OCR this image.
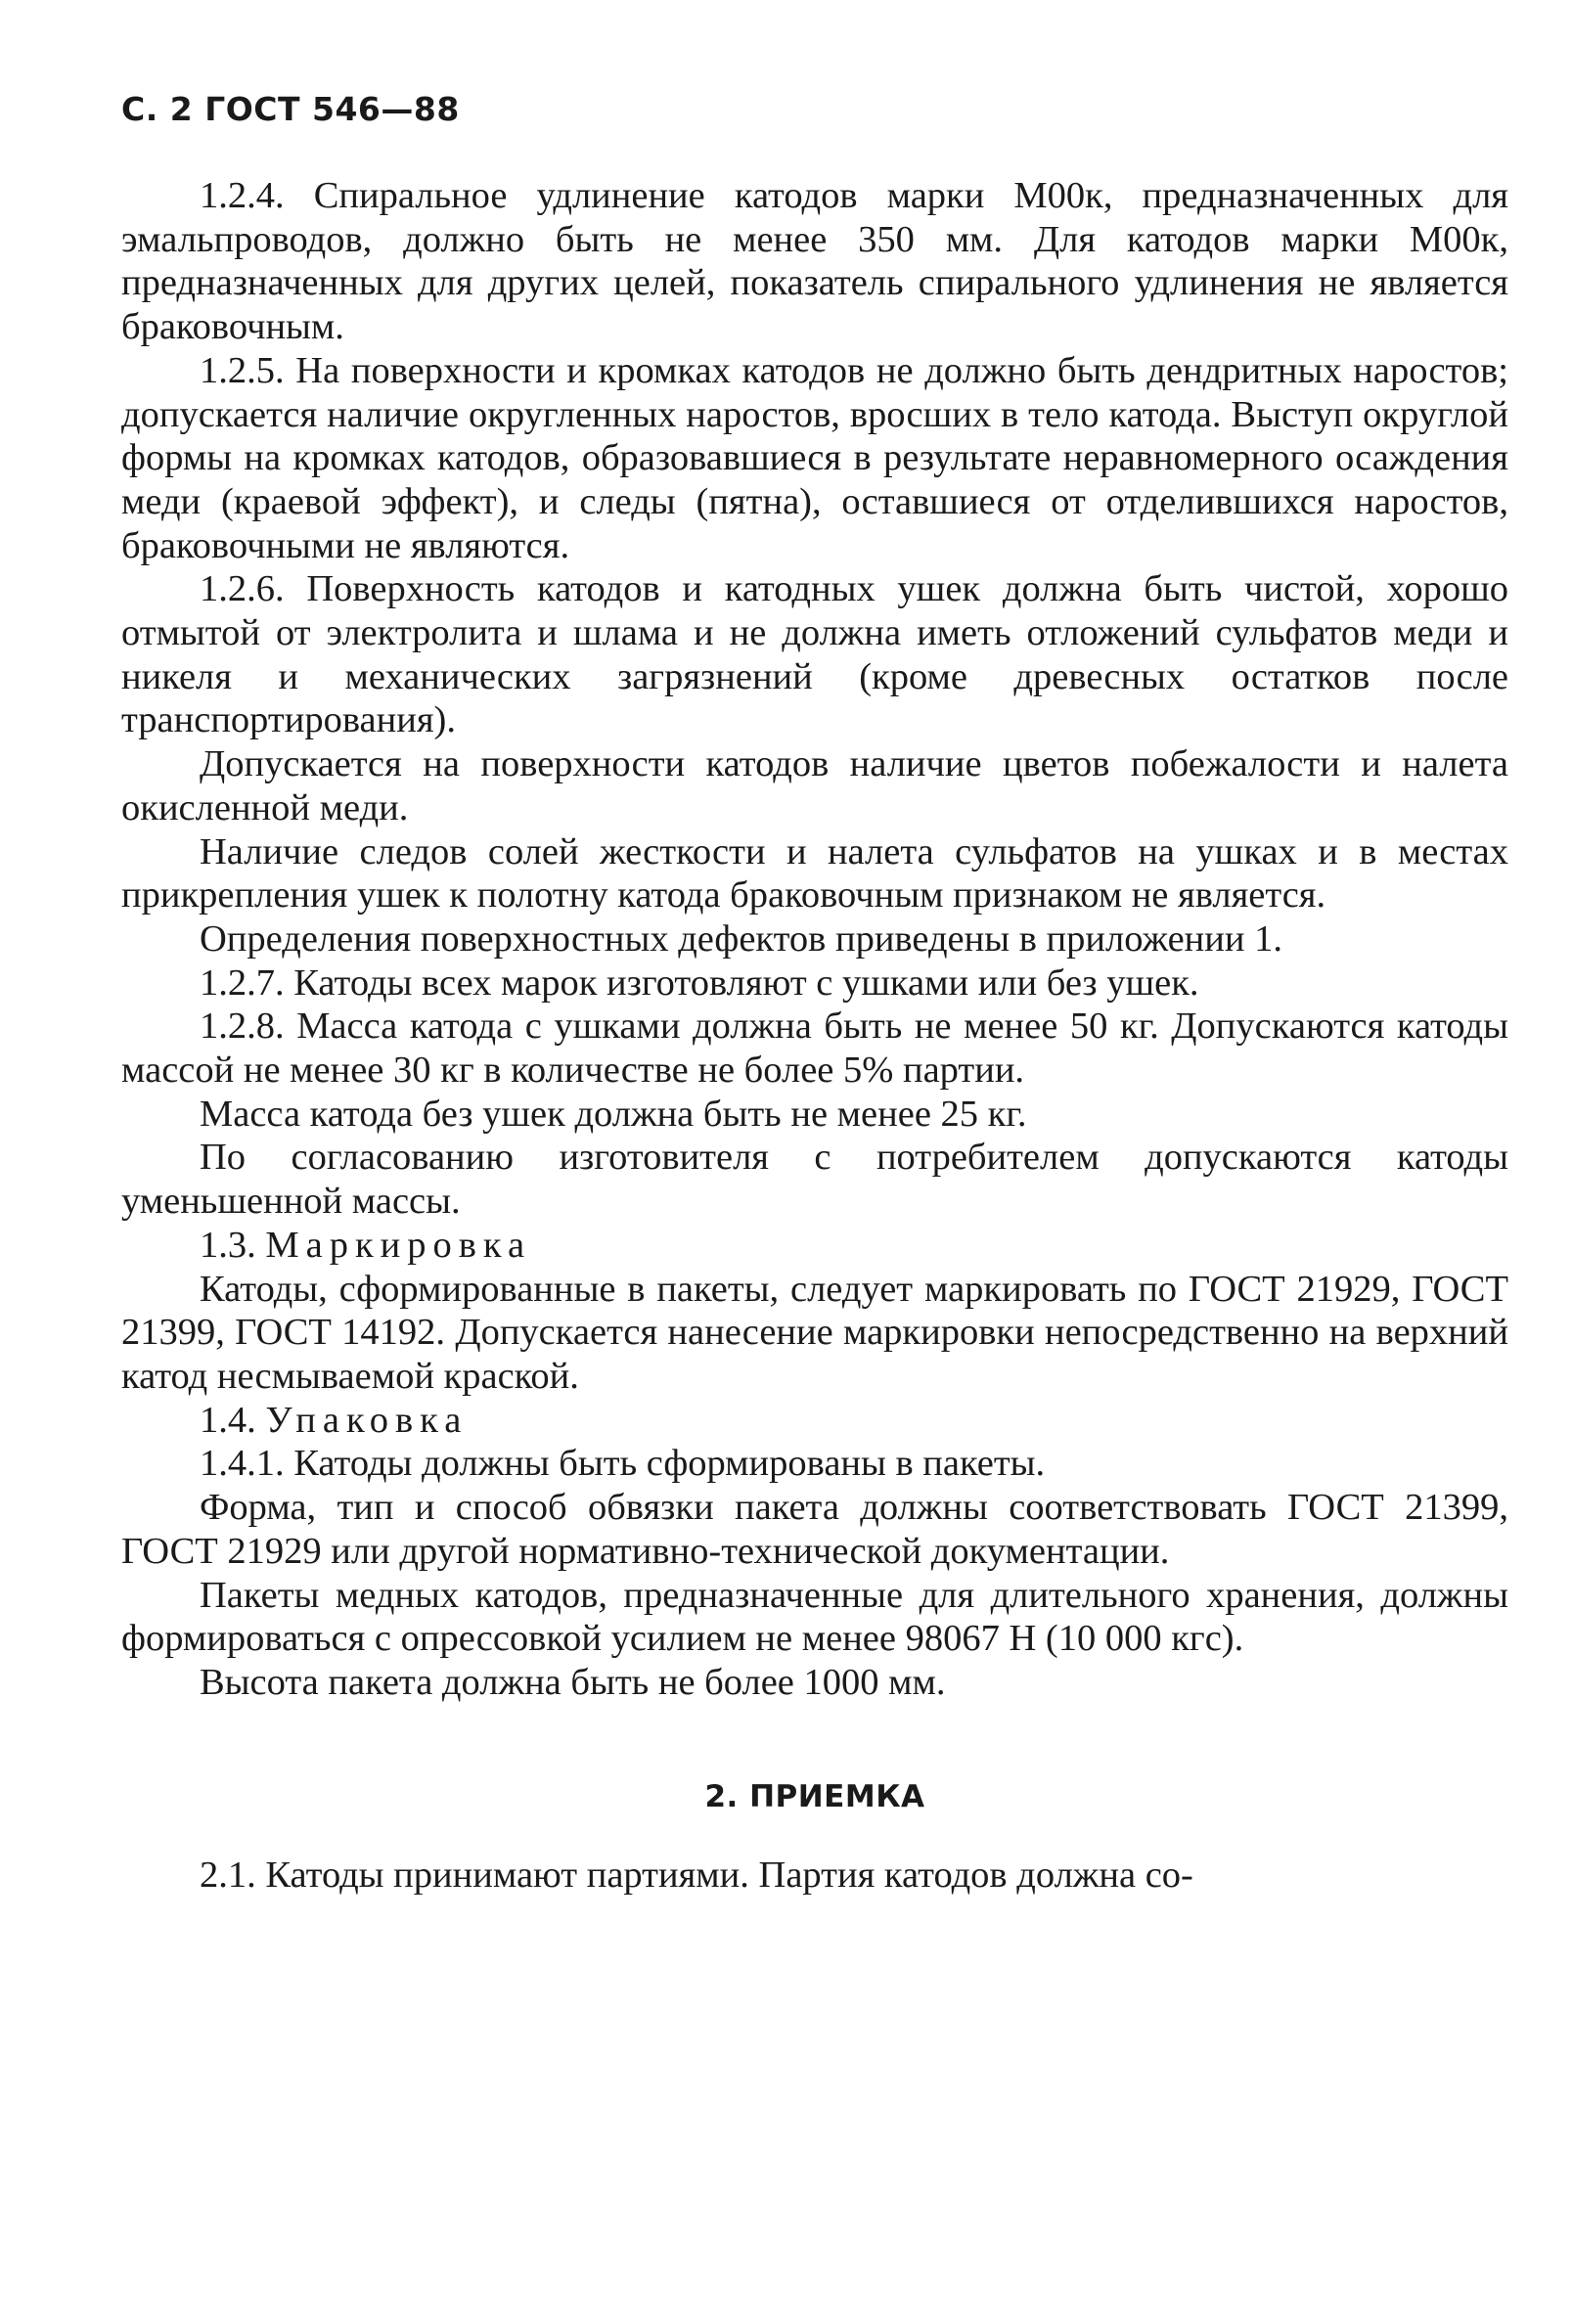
С. 2 ГОСТ 546—88

1.2.4. Спиральное удлинение катодов марки М00к, предназначенных для эмальпроводов, должно быть не менее 350 мм. Для катодов марки М00к, предназначенных для других целей, показатель спирального удлинения не является браковочным.

1.2.5. На поверхности и кромках катодов не должно быть дендритных наростов; допускается наличие округленных наростов, вросших в тело катода. Выступ округлой формы на кромках катодов, образовавшиеся в результате неравномерного осаждения меди (краевой эффект), и следы (пятна), оставшиеся от отделившихся наростов, браковочными не являются.

1.2.6. Поверхность катодов и катодных ушек должна быть чистой, хорошо отмытой от электролита и шлама и не должна иметь отложений сульфатов меди и никеля и механических загрязнений (кроме древесных остатков после транспортирования).

Допускается на поверхности катодов наличие цветов побежалости и налета окисленной меди.

Наличие следов солей жесткости и налета сульфатов на ушках и в местах прикрепления ушек к полотну катода браковочным признаком не является.

Определения поверхностных дефектов приведены в приложении 1.

1.2.7. Катоды всех марок изготовляют с ушками или без ушек.

1.2.8. Масса катода с ушками должна быть не менее 50 кг. Допускаются катоды массой не менее 30 кг в количестве не более 5% партии.

Масса катода без ушек должна быть не менее 25 кг.

По согласованию изготовителя с потребителем допускаются катоды уменьшенной массы.

1.3. Маркировка

Катоды, сформированные в пакеты, следует маркировать по ГОСТ 21929, ГОСТ 21399, ГОСТ 14192. Допускается нанесение маркировки непосредственно на верхний катод несмываемой краской.

1.4. Упаковка

1.4.1. Катоды должны быть сформированы в пакеты.

Форма, тип и способ обвязки пакета должны соответствовать ГОСТ 21399, ГОСТ 21929 или другой нормативно-технической документации.

Пакеты медных катодов, предназначенные для длительного хранения, должны формироваться с опрессовкой усилием не менее 98067 Н (10 000 кгс).

Высота пакета должна быть не более 1000 мм.

2. ПРИЕМКА

2.1. Катоды принимают партиями. Партия катодов должна со-
